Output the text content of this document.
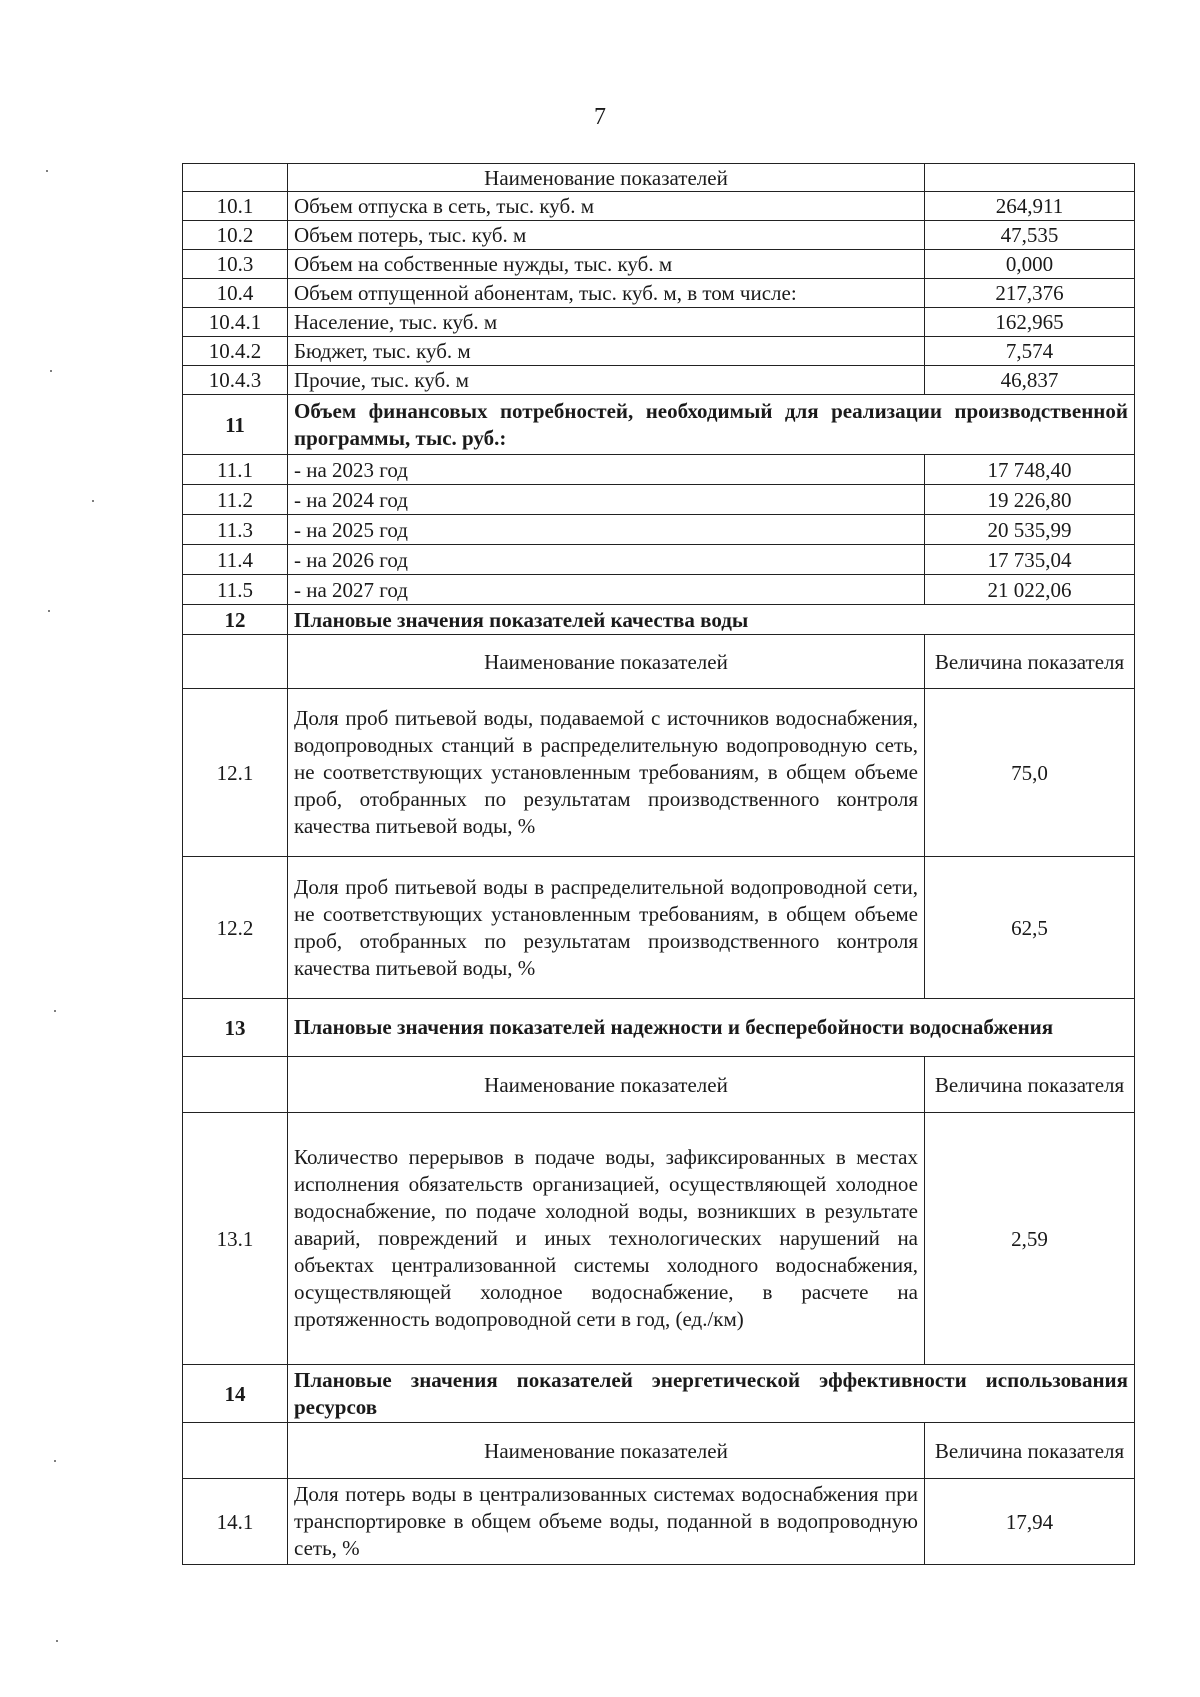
7
	Наименование показателей	
10.1	Объем отпуска в сеть, тыс. куб. м	264,911
10.2	Объем потерь, тыс. куб. м	47,535
10.3	Объем на собственные нужды, тыс. куб. м	0,000
10.4	Объем отпущенной абонентам, тыс. куб. м, в том числе:	217,376
10.4.1	Население, тыс. куб. м	162,965
10.4.2	Бюджет, тыс. куб. м	7,574
10.4.3	Прочие, тыс. куб. м	46,837
11	Объем финансовых потребностей, необходимый для реализации производственной программы, тыс. руб.:	
11.1	- на 2023 год	17 748,40
11.2	- на 2024 год	19 226,80
11.3	- на 2025 год	20 535,99
11.4	- на 2026 год	17 735,04
11.5	- на 2027 год	21 022,06
12	Плановые значения показателей качества воды	
	Наименование показателей	Величина показателя
12.1	Доля проб питьевой воды, подаваемой с источников водоснабжения, водопроводных станций в распределительную водопроводную сеть, не соответствующих установленным требованиям, в общем объеме проб, отобранных по результатам производственного контроля качества питьевой воды, %	75,0
12.2	Доля проб питьевой воды в распределительной водопроводной сети, не соответствующих установленным требованиям, в общем объеме проб, отобранных по результатам производственного контроля качества питьевой воды, %	62,5
13	Плановые значения показателей надежности и бесперебойности водоснабжения	
	Наименование показателей	Величина показателя
13.1	Количество перерывов в подаче воды, зафиксированных в местах исполнения обязательств организацией, осуществляющей холодное водоснабжение, по подаче холодной воды, возникших в результате аварий, повреждений и иных технологических нарушений на объектах централизованной системы холодного водоснабжения, осуществляющей холодное водоснабжение, в расчете на протяженность водопроводной сети в год, (ед./км)	2,59
14	Плановые значения показателей энергетической эффективности использования ресурсов	
	Наименование показателей	Величина показателя
14.1	Доля потерь воды в централизованных системах водоснабжения при транспортировке в общем объеме воды, поданной в водопроводную сеть, %	17,94
